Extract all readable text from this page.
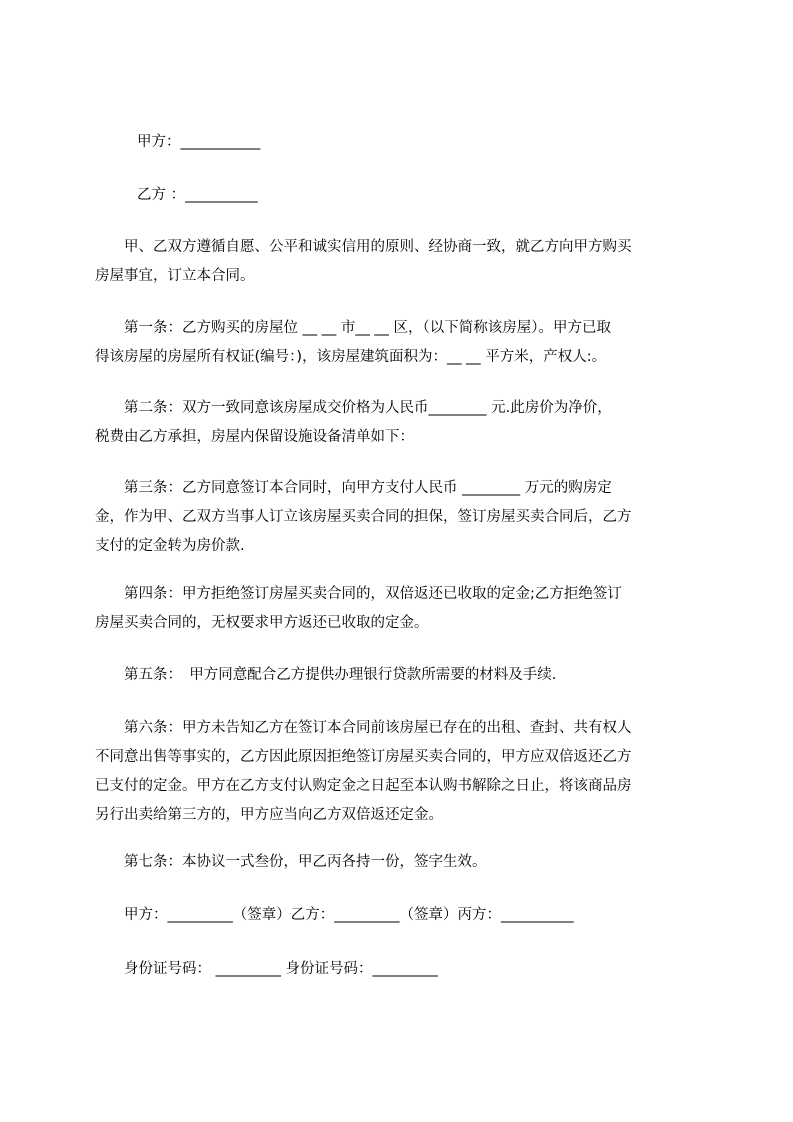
甲方：___________
乙方 ：__________

　　甲、乙双方遵循自愿、公平和诚实信用的原则、经协商一致，就乙方向甲方购买

房屋事宜，订立本合同。

　　第一条：乙方购买的房屋位 __ __ 市__ __ 区，（以下简称该房屋）。甲方已取

得该房屋的房屋所有权证(编号：)，该房屋建筑面积为：__ __ 平方米，产权人:。

　　第二条：双方一致同意该房屋成交价格为人民币________ 元.此房价为净价，

税费由乙方承担，房屋内保留设施设备清单如下：

　　第三条：乙方同意签订本合同时，向甲方支付人民币 ________ 万元的购房定

金，作为甲、乙双方当事人订立该房屋买卖合同的担保，签订房屋买卖合同后，乙方

支付的定金转为房价款.

　　第四条：甲方拒绝签订房屋买卖合同的，双倍返还已收取的定金;乙方拒绝签订

房屋买卖合同的，无权要求甲方返还已收取的定金。

　　第五条：　甲方同意配合乙方提供办理银行贷款所需要的材料及手续.

　　第六条：甲方未告知乙方在签订本合同前该房屋已存在的出租、查封、共有权人

不同意出售等事实的，乙方因此原因拒绝签订房屋买卖合同的，甲方应双倍返还乙方

已支付的定金。甲方在乙方支付认购定金之日起至本认购书解除之日止，将该商品房

另行出卖给第三方的，甲方应当向乙方双倍返还定金。

　　第七条：本协议一式叁份，甲乙丙各持一份，签字生效。

　　甲方：_________（签章）乙方：_________（签章）丙方：__________

　　身份证号码： _________ 身份证号码：_________
